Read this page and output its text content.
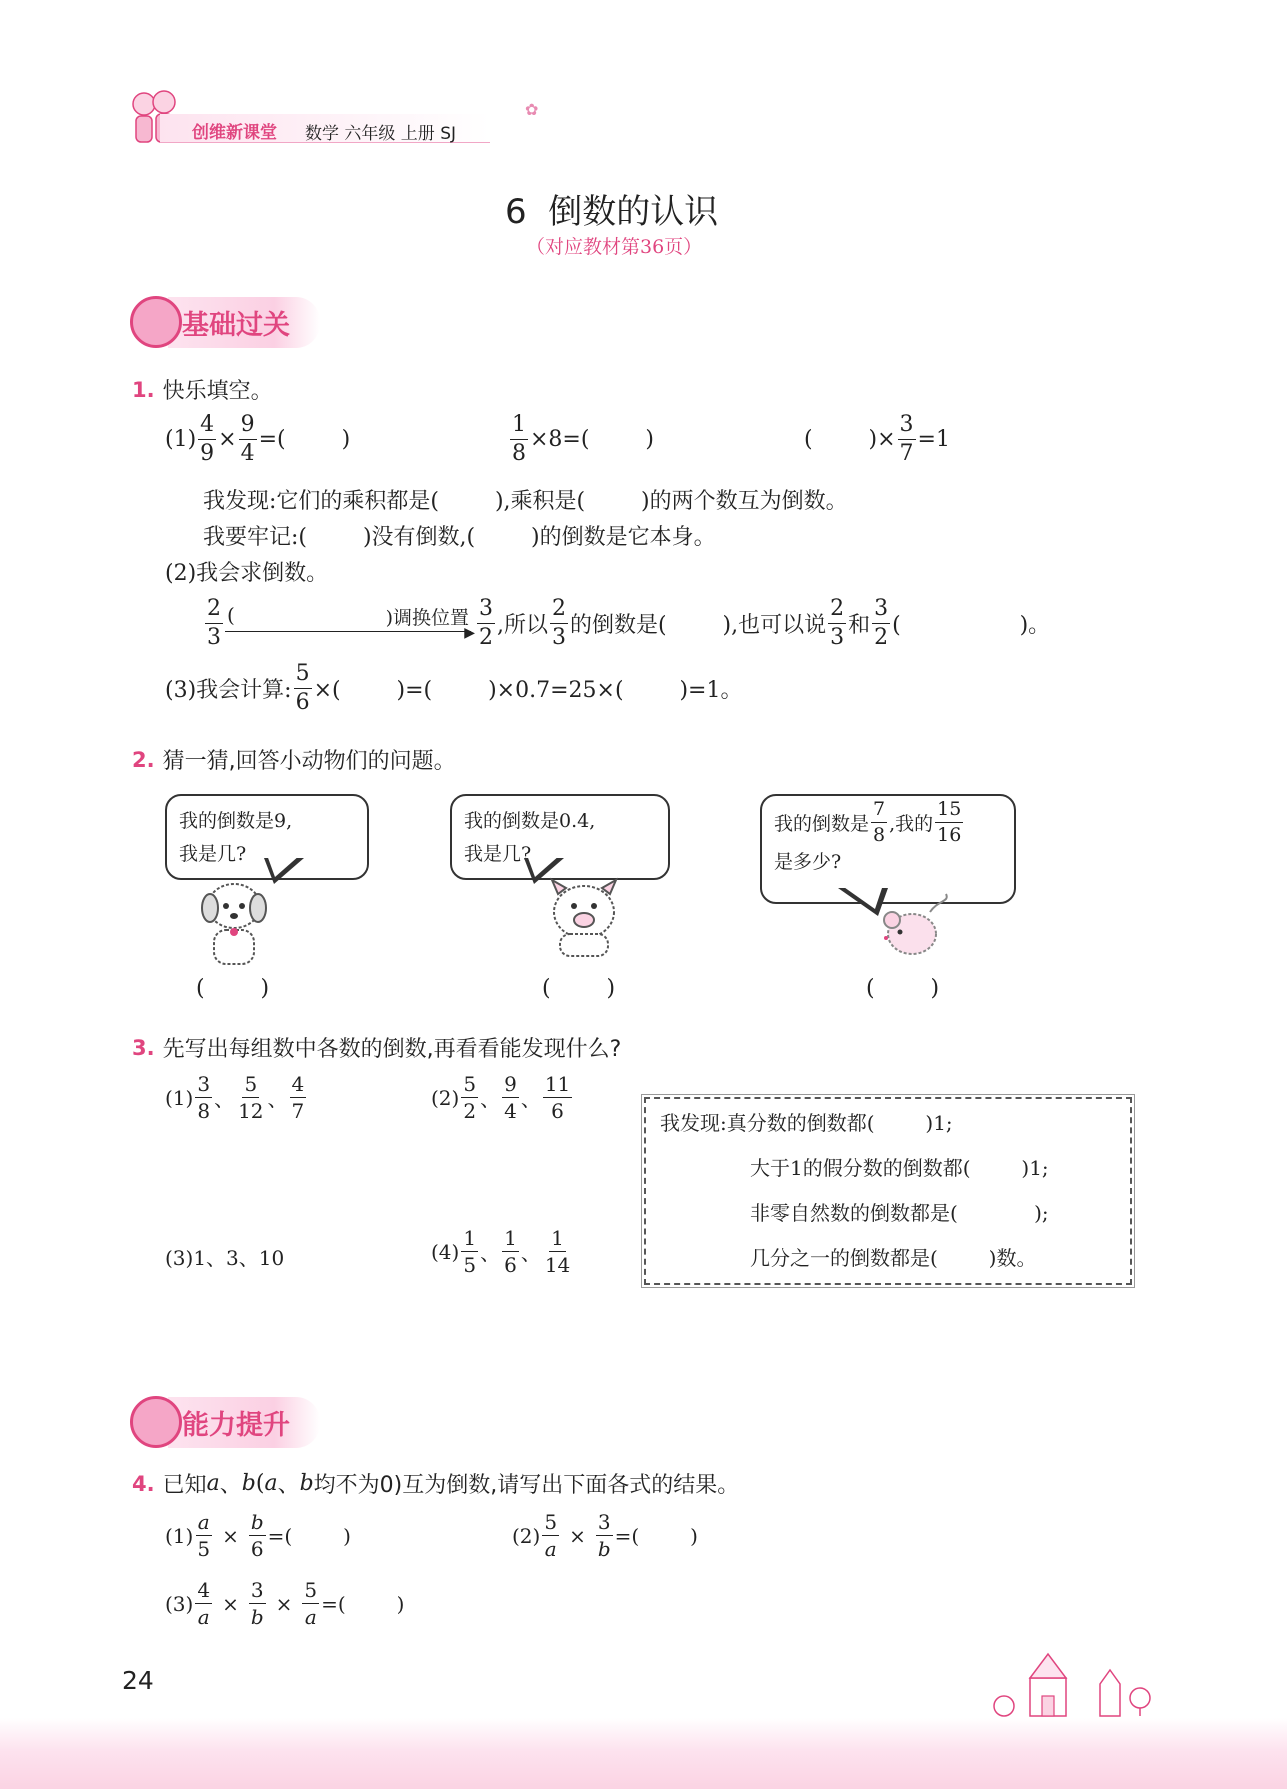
创维新课堂 数学 六年级 上册 SJ
✿
6  倒数的认识
（对应教材第36页）
基础过关
1. 快乐填空。
$(1) \frac{4}{9} \times \frac{9}{4}$ =(        )	$\frac{1}{8} \times 8=$(        )	(        )× $\frac{3}{7} =1$
我发现:它们的乘积都是(        ),乘积是(        )的两个数互为倒数。
我要牢记:(        )没有倒数,(        )的倒数是它本身。
(2)我会求倒数。
2
3
(	)调换位置
▶
3
2 ,所以
2
3 的倒数是(        ),也可以说
2
3 和
3
2 (                 )。
(3)我会计算: $\frac{5}{6}$ ×(        )=(        )×0.7=25×(        )=1。
2. 猜一猜,回答小动物们的问题。
我的倒数是9,
我是几?
我的倒数是0.4,
我是几?
我的倒数是
7
8 ,我的
15
16
是多少?
(        )	(        )	(        )
3. 先写出每组数中各数的倒数,再看看能发现什么?
(1)
3
8 、
5
12 、
4
7
(2)
5
2 、
9
4 、
11
6
(3)1、3、10	(4)
1
5 、
1
6 、
1
14
我发现:真分数的倒数都(        )1;
大于1的假分数的倒数都(        )1;
非零自然数的倒数都是(            );
几分之一的倒数都是(        )数。
能力提升
4. 已知 a 、 b ( a 、 b 均不为0)互为倒数,请写出下面各式的结果。
$(1) \frac{a}{5} \times \frac{b}{6}$ =(        )	$(2) \frac{5}{a} \times \frac{3}{b}$ =(        )
$(3) \frac{4}{a} \times \frac{3}{b} \times \frac{5}{a}$ =(        )
24
